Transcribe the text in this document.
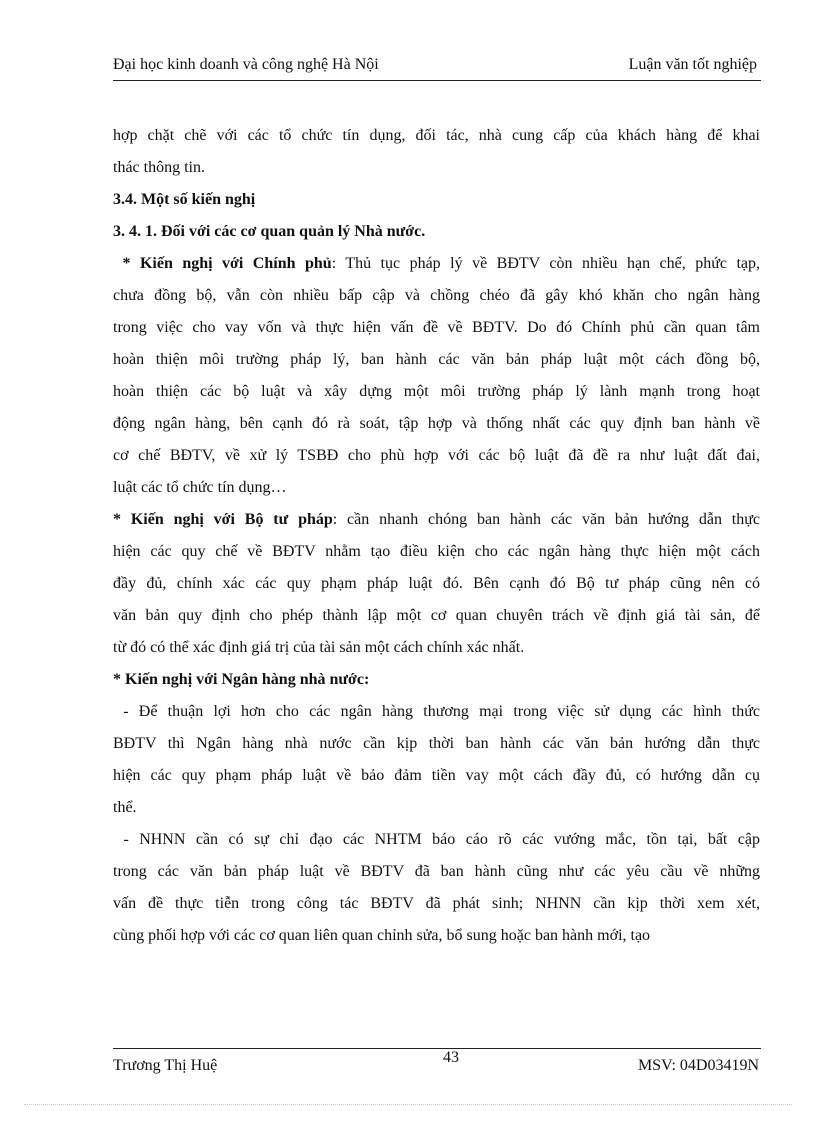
Đại học kinh doanh và công nghệ Hà Nội	Luận văn tốt nghiệp
hợp chặt chẽ với các tổ chức tín dụng, đối tác, nhà cung cấp của khách hàng để khai
thác thông tin.
3.4. Một số kiến nghị
3. 4. 1. Đối với các cơ quan quản lý Nhà nước.
* Kiến nghị với Chính phủ: Thủ tục pháp lý về BĐTV còn nhiều hạn chế, phức tạp,
chưa đồng bộ, vẫn còn nhiều bấp cập và chồng chéo đã gây khó khăn cho ngân hàng
trong việc cho vay vốn và thực hiện vấn đề về BĐTV. Do đó Chính phủ cần quan tâm
hoàn thiện môi trường pháp lý, ban hành các văn bản pháp luật một cách đồng bộ,
hoàn thiện các bộ luật và xây dựng một môi trường pháp lý lành mạnh trong hoạt
động ngân hàng, bên cạnh đó rà soát, tập hợp và thống nhất các quy định ban hành về
cơ chế BĐTV, về xử lý TSBĐ cho phù hợp với các bộ luật đã đề ra như luật đất đai,
luật các tổ chức tín dụng…
* Kiến nghị với Bộ tư pháp: cần nhanh chóng ban hành các văn bản hướng dẫn thực
hiện các quy chế về BĐTV nhằm tạo điều kiện cho các ngân hàng thực hiện một cách
đầy đủ, chính xác các quy phạm pháp luật đó. Bên cạnh đó Bộ tư pháp cũng nên có
văn bản quy định cho phép thành lập một cơ quan chuyên trách về định giá tài sản, để
từ đó có thể xác định giá trị của tài sản một cách chính xác nhất.
* Kiến nghị với Ngân hàng nhà nước:
- Để thuận lợi hơn cho các ngân hàng thương mại trong việc sử dụng các hình thức
BĐTV thì Ngân hàng nhà nước cần kịp thời ban hành các văn bản hướng dẫn thực
hiện các quy phạm pháp luật về bảo đảm tiền vay một cách đầy đủ, có hướng dẫn cụ
thể.
- NHNN cần có sự chỉ đạo các NHTM báo cáo rõ các vướng mắc, tồn tại, bất cập
trong các văn bản pháp luật về BĐTV đã ban hành cũng như các yêu cầu về những
vấn đề thực tiễn trong công tác BĐTV đã phát sinh; NHNN cần kịp thời xem xét,
cùng phối hợp với các cơ quan liên quan chỉnh sửa, bổ sung hoặc ban hành mới, tạo
Trương Thị Huệ	43	MSV: 04D03419N
